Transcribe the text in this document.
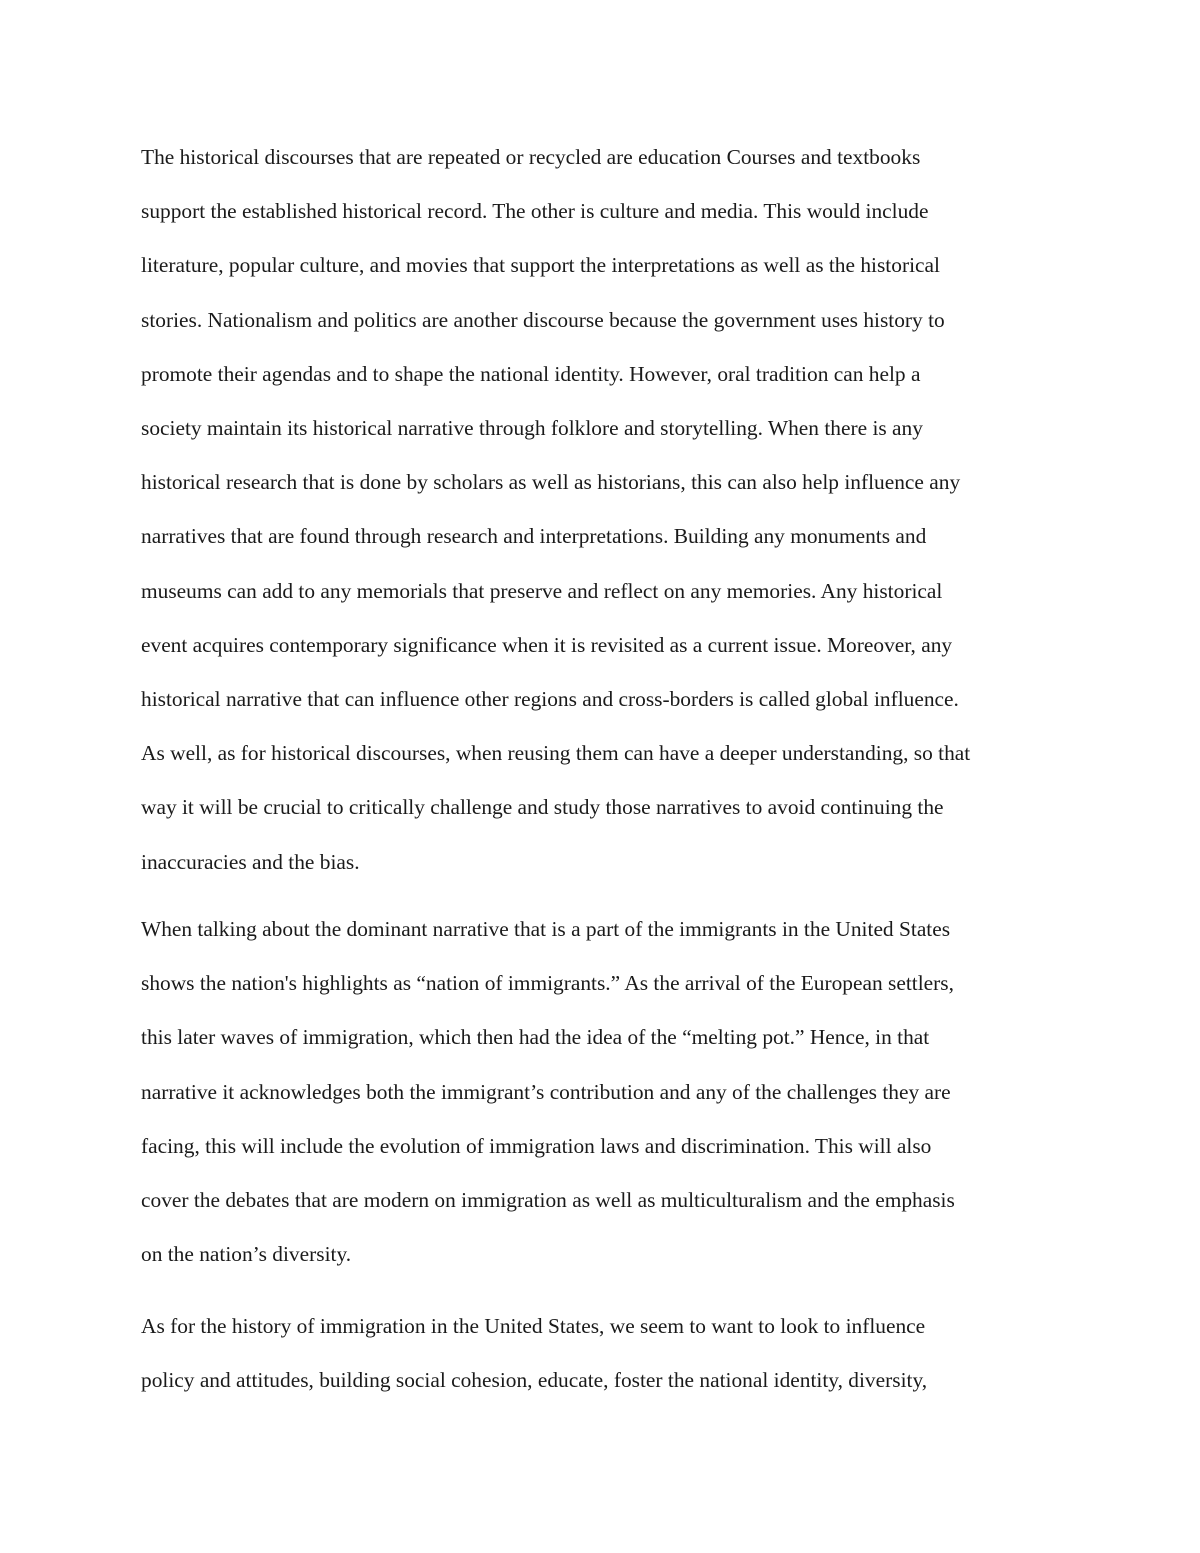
The historical discourses that are repeated or recycled are education Courses and textbooks
support the established historical record. The other is culture and media. This would include
literature, popular culture, and movies that support the interpretations as well as the historical
stories. Nationalism and politics are another discourse because the government uses history to
promote their agendas and to shape the national identity. However, oral tradition can help a
society maintain its historical narrative through folklore and storytelling. When there is any
historical research that is done by scholars as well as historians, this can also help influence any
narratives that are found through research and interpretations. Building any monuments and
museums can add to any memorials that preserve and reflect on any memories. Any historical
event acquires contemporary significance when it is revisited as a current issue. Moreover, any
historical narrative that can influence other regions and cross-borders is called global influence.
As well, as for historical discourses, when reusing them can have a deeper understanding, so that
way it will be crucial to critically challenge and study those narratives to avoid continuing the
inaccuracies and the bias.
When talking about the dominant narrative that is a part of the immigrants in the United States
shows the nation's highlights as “nation of immigrants.” As the arrival of the European settlers,
this later waves of immigration, which then had the idea of the “melting pot.” Hence, in that
narrative it acknowledges both the immigrant’s contribution and any of the challenges they are
facing, this will include the evolution of immigration laws and discrimination. This will also
cover the debates that are modern on immigration as well as multiculturalism and the emphasis
on the nation’s diversity.
As for the history of immigration in the United States, we seem to want to look to influence
policy and attitudes, building social cohesion, educate, foster the national identity, diversity,
